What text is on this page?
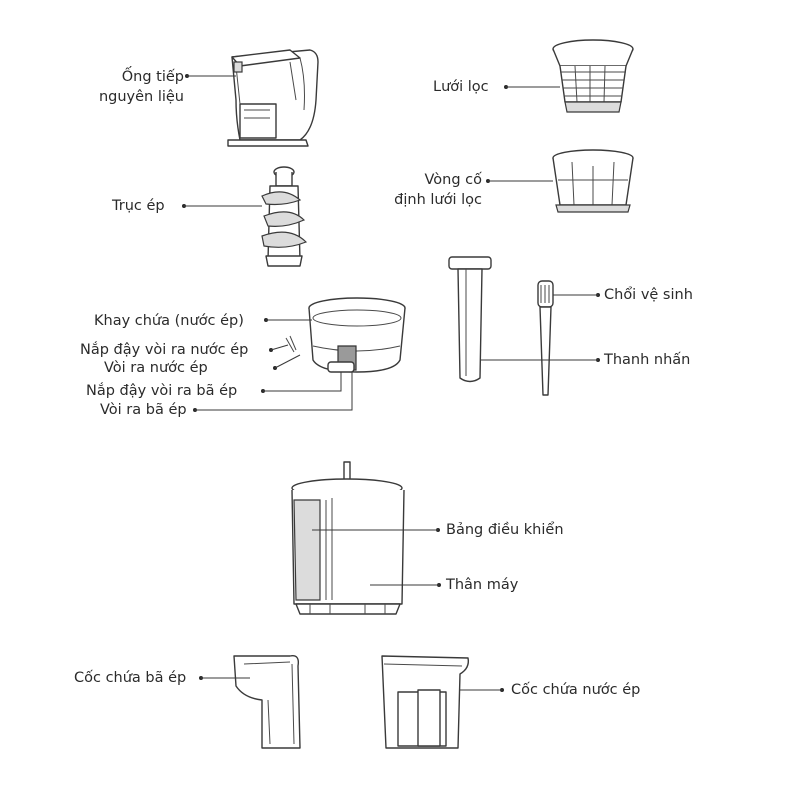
Ống tiếp
nguyên liệu
Lưới lọc
Vòng cố
định lưới lọc
Trục ép
Chổi vệ sinh
Thanh nhấn
Khay chứa (nước ép)
Nắp đậy vòi ra nước ép
Vòi ra nước ép
Nắp đậy vòi ra bã ép
Vòi ra bã ép
Bảng điều khiển
Thân máy
Cốc chứa bã ép
Cốc chứa nước ép
